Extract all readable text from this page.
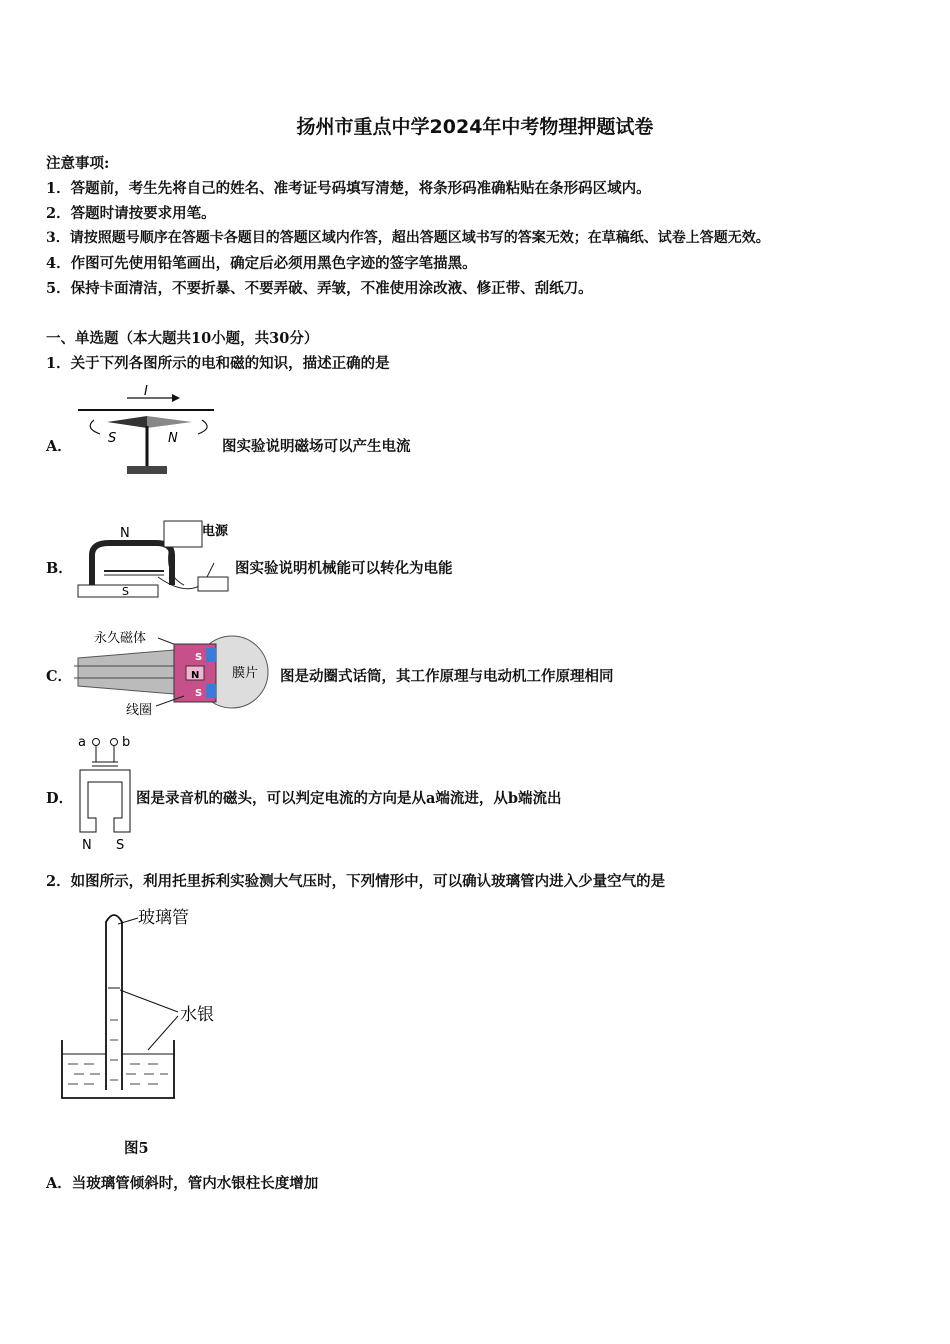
扬州市重点中学2024年中考物理押题试卷
注意事项:
1．答题前，考生先将自己的姓名、准考证号码填写清楚，将条形码准确粘贴在条形码区域内。
2．答题时请按要求用笔。
3．请按照题号顺序在答题卡各题目的答题区域内作答，超出答题区域书写的答案无效；在草稿纸、试卷上答题无效。
4．作图可先使用铅笔画出，确定后必须用黑色字迹的签字笔描黑。
5．保持卡面清洁，不要折暴、不要弄破、弄皱，不准使用涂改液、修正带、刮纸刀。
一、单选题（本大题共10小题，共30分）
1．关于下列各图所示的电和磁的知识，描述正确的是
A．
I
S	N	图实验说明磁场可以产生电流
B．
N
S
电源
图实验说明机械能可以转化为电能
C．
永久磁体
S
N
S
膜片
线圈
图是动圈式话筒，其工作原理与电动机工作原理相同
D．
a	b
N S
图是录音机的磁头，可以判定电流的方向是从a端流进，从b端流出
2．如图所示，利用托里拆利实验测大气压时，下列情形中，可以确认玻璃管内进入少量空气的是
玻璃管
水银
图5
A．当玻璃管倾斜时，管内水银柱长度增加
